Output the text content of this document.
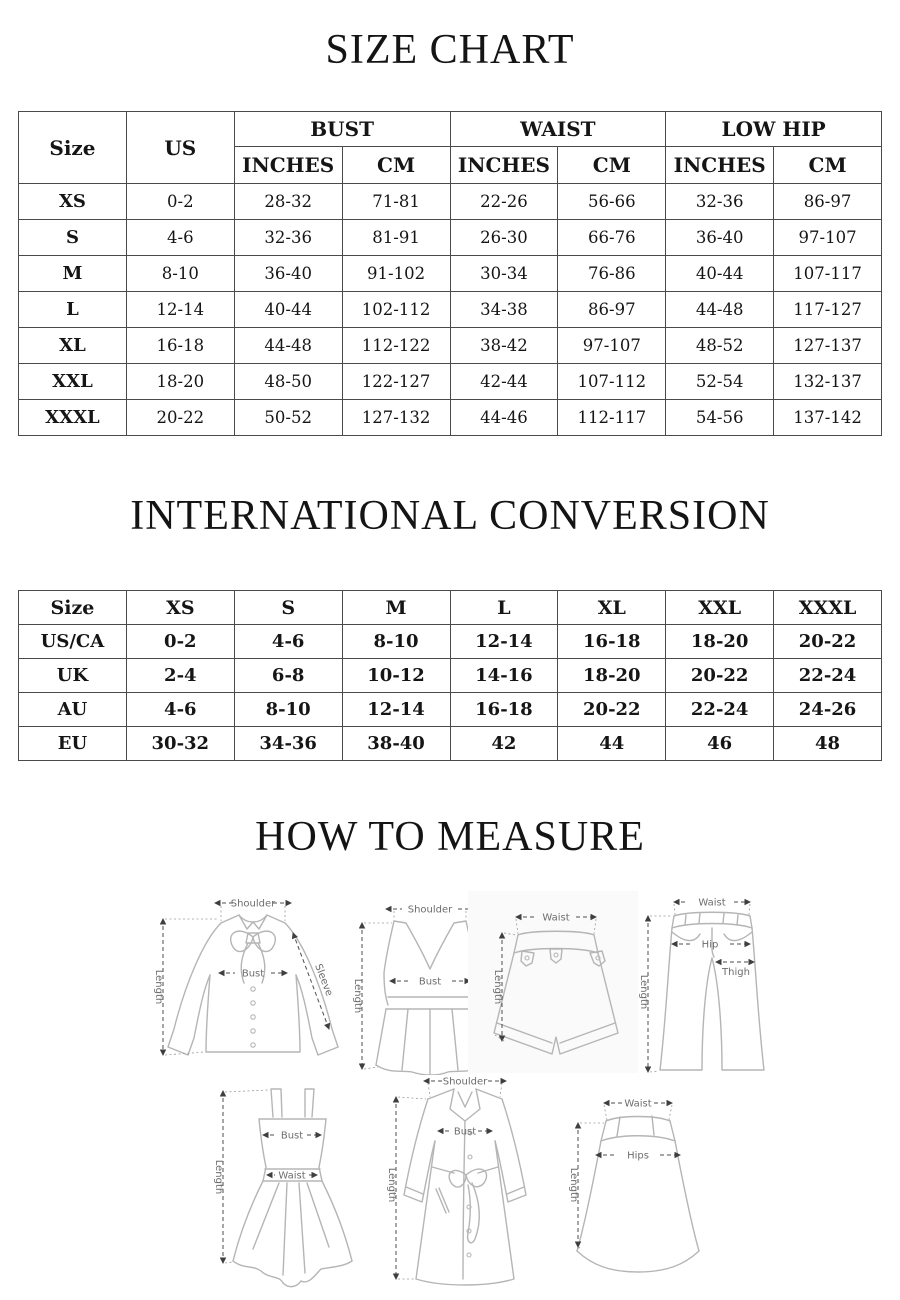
SIZE CHART
Size	US	BUST		WAIST		LOW HIP	
		INCHES	CM	INCHES	CM	INCHES	CM
XS	0-2	28-32	71-81	22-26	56-66	32-36	86-97
S	4-6	32-36	81-91	26-30	66-76	36-40	97-107
M	8-10	36-40	91-102	30-34	76-86	40-44	107-117
L	12-14	40-44	102-112	34-38	86-97	44-48	117-127
XL	16-18	44-48	112-122	38-42	97-107	48-52	127-137
XXL	18-20	48-50	122-127	42-44	107-112	52-54	132-137
XXXL	20-22	50-52	127-132	44-46	112-117	54-56	137-142
INTERNATIONAL CONVERSION
Size	XS	S	M	L	XL	XXL	XXXL
US/CA	0-2	4-6	8-10	12-14	16-18	18-20	20-22
UK	2-4	6-8	10-12	14-16	18-20	20-22	22-24
AU	4-6	8-10	12-14	16-18	20-22	22-24	24-26
EU	30-32	34-36	38-40	42	44	46	48
HOW TO MEASURE
Shoulder
Length	Bust	Sleeve
Shoulder
Bust
Length
Waist
Length
Waist
Hip
Thigh
Length
Bust
Waist
Length
Shoulder
Bust
Length
Waist
Hips
Length
